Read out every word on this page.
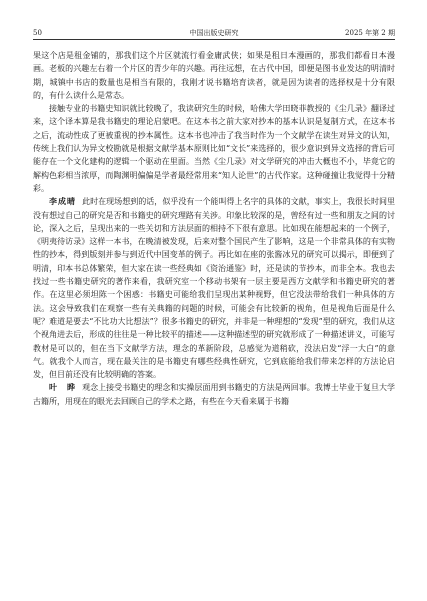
50	中国出版史研究	2025 年第 2 期

果这个店是租金铺的，那我们这个片区就流行看金庸武侠；如果是租日本漫画的，那我们都看日本漫画。老板的兴趣左右着一个片区的青少年的兴趣。再往远想，在古代中国，即便是图书业发达的明清时期，城镇中书店的数量也是相当有限的，我刚才说书籍培育读者，就是因为读者的选择权是十分有限的，有什么读什么是常态。

接触专业的书籍史知识就比较晚了，我读研究生的时候，哈佛大学田晓菲教授的《尘几录》翻译过来，这个译本算是我书籍史的理论启蒙吧。在这本书之前大家对抄本的基本认识是复制方式，在这本书之后，流动性成了更被重视的抄本属性。这本书也冲击了我当时作为一个文献学在读生对异文的认知，传统上我们认为异文校勘就是根据文献学基本原则比如“文长”来选择的，很少意识到异文选择的背后可能存在一个文化建构的逻辑一个驱动在里面。当然《尘几录》对文学研究的冲击大概也不小，毕竟它的解构色彩相当浓厚，而陶渊明偏偏是学者最经常用来“知人论世”的古代作家。这种碰撞让我觉得十分精彩。

李成晴 此时在现场想到的话，似乎没有一个能叫得上名字的具体的文献，事实上，我很长时间里没有想过自己的研究是否和书籍史的研究理路有关涉。印象比较深的是，曾经有过一些和朋友之间的讨论，深入之后，呈现出来的一些关切和方法层面的相持不下很有意思。比如现在能想起来的一个例子，《明夷待访录》这样一本书，在晚清被发现，后来对整个国民产生了影响，这是一个非常具体的有实物性的抄本，得到版刻并参与到近代中国变革的例子。再比如在座的张酱冰兄的研究可以揭示，即便到了明清，印本书总体繁荣，但大家在读一些经典如《资治通鉴》时，还是读的节抄本，而非全本。我也去找过一些书籍史研究的著作来看，我研究室一个移动书架有一层主要是西方文献学和书籍史研究的著作。在这里必须坦陈一个困惑：书籍史可能给我们呈现出某种视野，但它没法带给我们一种具体的方法。这会导致我们在观察一些有关典籍的问题的时候，可能会有比较新的视角，但是视角后面是什么呢？难道是要去“不比功大比想法”？很多书籍史的研究，并非是一种理想的“发现”型的研究，我们从这个视角进去后，形成的往往是一种比较平的描述——这种描述型的研究就形成了一种描述讲义，可能写教材是可以的，但在当下文献学方法，理念的革新阶段，总感觉为道稍砍，没法启发“浮一大白”的意气。就我个人而言，现在最关注的是书籍史有哪些经典性研究，它到底能给我们带来怎样的方法论启发，但目前还没有比较明确的答案。

叶　晔 观念上接受书籍史的理念和实操层面用到书籍史的方法是两回事。我博士毕业于复旦大学古籍所，用现在的眼光去回顾自己的学术之路，有些在今天看来属于书籍
